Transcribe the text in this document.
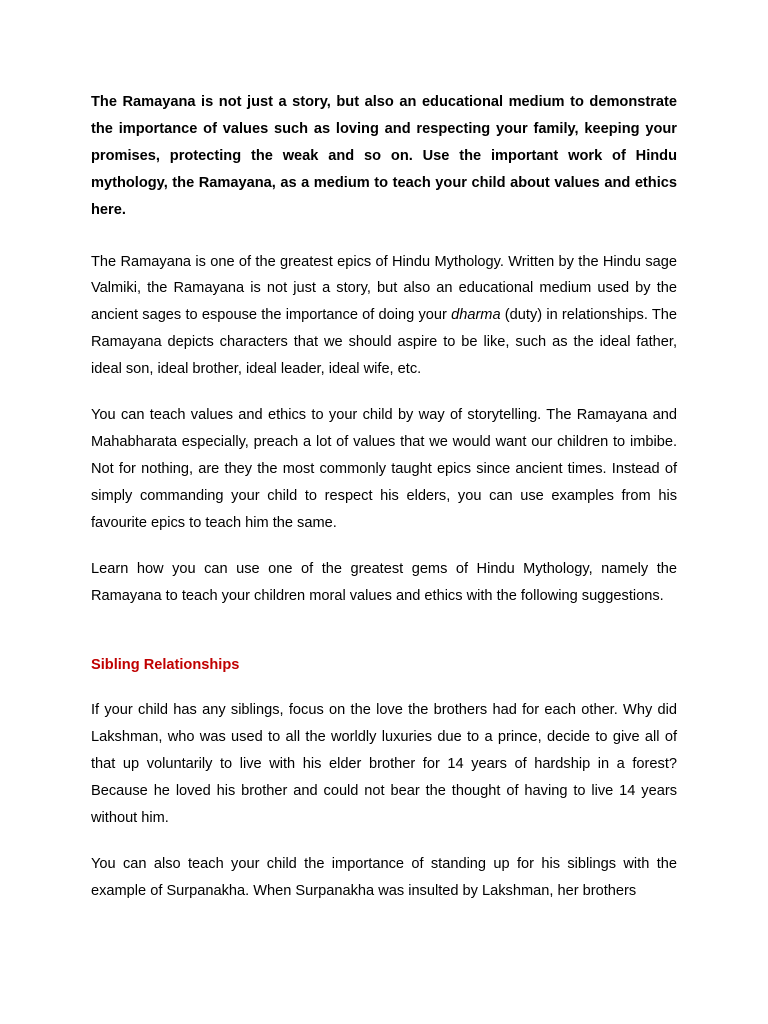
The Ramayana is not just a story, but also an educational medium to demonstrate the importance of values such as loving and respecting your family, keeping your promises, protecting the weak and so on. Use the important work of Hindu mythology, the Ramayana, as a medium to teach your child about values and ethics here.

The Ramayana is one of the greatest epics of Hindu Mythology. Written by the Hindu sage Valmiki, the Ramayana is not just a story, but also an educational medium used by the ancient sages to espouse the importance of doing your dharma (duty) in relationships. The Ramayana depicts characters that we should aspire to be like, such as the ideal father, ideal son, ideal brother, ideal leader, ideal wife, etc.

You can teach values and ethics to your child by way of storytelling. The Ramayana and Mahabharata especially, preach a lot of values that we would want our children to imbibe. Not for nothing, are they the most commonly taught epics since ancient times. Instead of simply commanding your child to respect his elders, you can use examples from his favourite epics to teach him the same.

Learn how you can use one of the greatest gems of Hindu Mythology, namely the Ramayana to teach your children moral values and ethics with the following suggestions.

Sibling Relationships

If your child has any siblings, focus on the love the brothers had for each other. Why did Lakshman, who was used to all the worldly luxuries due to a prince, decide to give all of that up voluntarily to live with his elder brother for 14 years of hardship in a forest? Because he loved his brother and could not bear the thought of having to live 14 years without him.

You can also teach your child the importance of standing up for his siblings with the example of Surpanakha. When Surpanakha was insulted by Lakshman, her brothers
